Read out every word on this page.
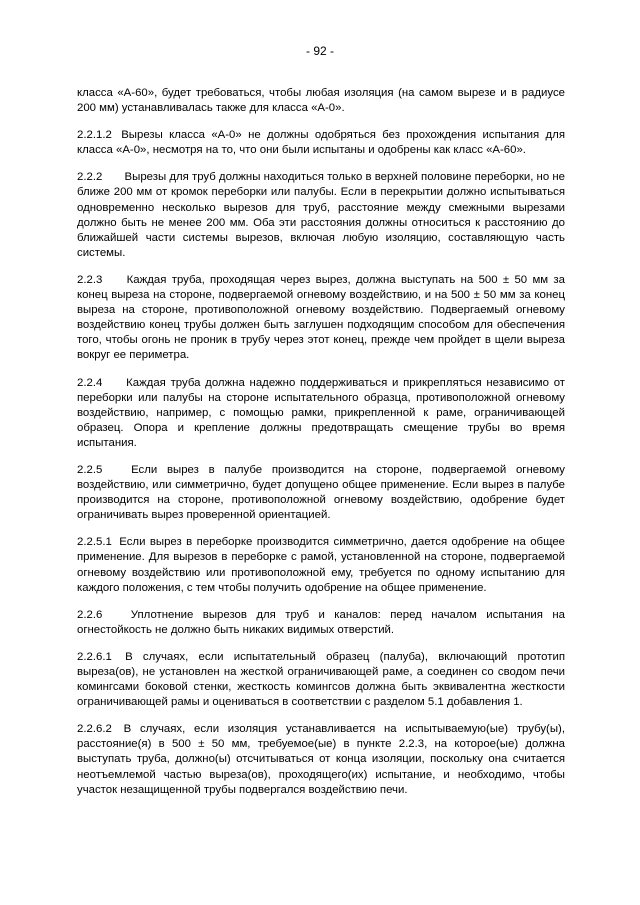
- 92 -

класса «А-60», будет требоваться, чтобы любая изоляция (на самом вырезе и в радиусе 200 мм) устанавливалась также для класса «А-0».

2.2.1.2 Вырезы класса «А-0» не должны одобряться без прохождения испытания для класса «А-0», несмотря на то, что они были испытаны и одобрены как класс «А-60».

2.2.2 Вырезы для труб должны находиться только в верхней половине переборки, но не ближе 200 мм от кромок переборки или палубы. Если в перекрытии должно испытываться одновременно несколько вырезов для труб, расстояние между смежными вырезами должно быть не менее 200 мм. Оба эти расстояния должны относиться к расстоянию до ближайшей части системы вырезов, включая любую изоляцию, составляющую часть системы.

2.2.3 Каждая труба, проходящая через вырез, должна выступать на 500 ± 50 мм за конец выреза на стороне, подвергаемой огневому воздействию, и на 500 ± 50 мм за конец выреза на стороне, противоположной огневому воздействию. Подвергаемый огневому воздействию конец трубы должен быть заглушен подходящим способом для обеспечения того, чтобы огонь не проник в трубу через этот конец, прежде чем пройдет в щели выреза вокруг ее периметра.

2.2.4 Каждая труба должна надежно поддерживаться и прикрепляться независимо от переборки или палубы на стороне испытательного образца, противоположной огневому воздействию, например, с помощью рамки, прикрепленной к раме, ограничивающей образец. Опора и крепление должны предотвращать смещение трубы во время испытания.

2.2.5	Если вырез в палубе производится на стороне, подвергаемой огневому воздействию, или симметрично, будет допущено общее применение. Если вырез в палубе производится на стороне, противоположной огневому воздействию, одобрение будет ограничивать вырез проверенной ориентацией.

2.2.5.1 Если вырез в переборке производится симметрично, дается одобрение на общее применение. Для вырезов в переборке с рамой, установленной на стороне, подвергаемой огневому воздействию или противоположной ему, требуется по одному испытанию для каждого положения, с тем чтобы получить одобрение на общее применение.

2.2.6 Уплотнение вырезов для труб и каналов: перед началом испытания на огнестойкость не должно быть никаких видимых отверстий.

2.2.6.1 В случаях, если испытательный образец (палуба), включающий прототип выреза(ов), не установлен на жесткой ограничивающей раме, а соединен со сводом печи комингсами боковой стенки, жесткость комингсов должна быть эквивалентна жесткости ограничивающей рамы и оцениваться в соответствии с разделом 5.1 добавления 1.

2.2.6.2 В случаях, если изоляция устанавливается на испытываемую(ые) трубу(ы), расстояние(я) в 500 ± 50 мм, требуемое(ые) в пункте 2.2.3, на которое(ые) должна выступать труба, должно(ы) отсчитываться от конца изоляции, поскольку она считается неотъемлемой частью выреза(ов), проходящего(их) испытание, и необходимо, чтобы участок незащищенной трубы подвергался воздействию печи.
